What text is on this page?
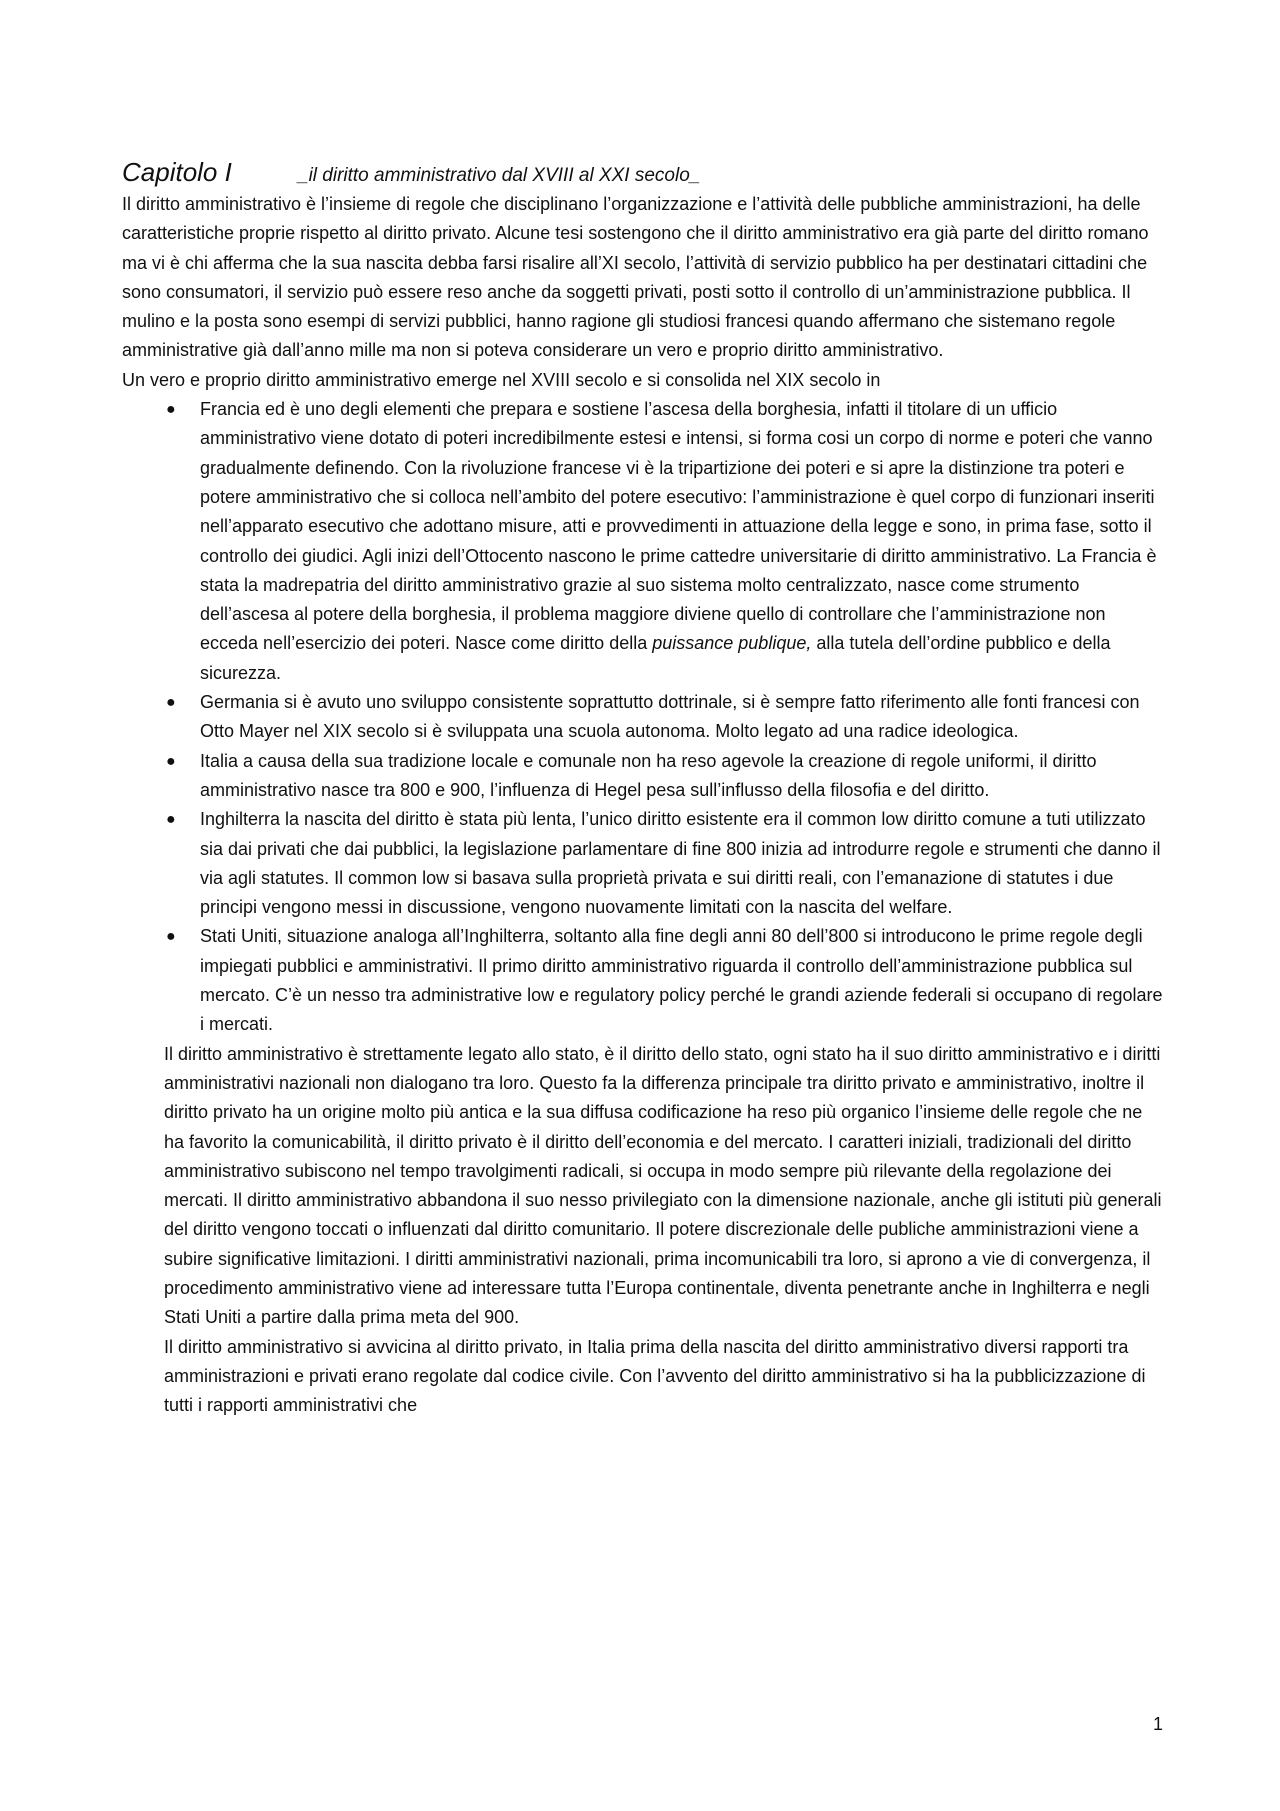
Capitolo I	_il diritto amministrativo dal XVIII al XXI secolo_

Il diritto amministrativo è l’insieme di regole che disciplinano l’organizzazione e l’attività delle pubbliche amministrazioni, ha delle caratteristiche proprie rispetto al diritto privato. Alcune tesi sostengono che il diritto amministrativo era già parte del diritto romano ma vi è chi afferma che la sua nascita debba farsi risalire all’XI secolo, l’attività di servizio pubblico ha per destinatari cittadini che sono consumatori, il servizio può essere reso anche da soggetti privati, posti sotto il controllo di un’amministrazione pubblica. Il mulino e la posta sono esempi di servizi pubblici, hanno ragione gli studiosi francesi quando affermano che sistemano regole amministrative già dall’anno mille ma non si poteva considerare un vero e proprio diritto amministrativo.

Un vero e proprio diritto amministrativo emerge nel XVIII secolo e si consolida nel XIX secolo in

● Francia ed è uno degli elementi che prepara e sostiene l’ascesa della borghesia, infatti il titolare di un ufficio amministrativo viene dotato di poteri incredibilmente estesi e intensi, si forma cosi un corpo di norme e poteri che vanno gradualmente definendo. Con la rivoluzione francese vi è la tripartizione dei poteri e si apre la distinzione tra poteri e potere amministrativo che si colloca nell’ambito del potere esecutivo: l’amministrazione è quel corpo di funzionari inseriti nell’apparato esecutivo che adottano misure, atti e provvedimenti in attuazione della legge e sono, in prima fase, sotto il controllo dei giudici. Agli inizi dell’Ottocento nascono le prime cattedre universitarie di diritto amministrativo. La Francia è stata la madrepatria del diritto amministrativo grazie al suo sistema molto centralizzato, nasce come strumento dell’ascesa al potere della borghesia, il problema maggiore diviene quello di controllare che l’amministrazione non ecceda nell’esercizio dei poteri. Nasce come diritto della puissance publique, alla tutela dell’ordine pubblico e della sicurezza.
● Germania si è avuto uno sviluppo consistente soprattutto dottrinale, si è sempre fatto riferimento alle fonti francesi con Otto Mayer nel XIX secolo si è sviluppata una scuola autonoma. Molto legato ad una radice ideologica.
● Italia a causa della sua tradizione locale e comunale non ha reso agevole la creazione di regole uniformi, il diritto amministrativo nasce tra 800 e 900, l’influenza di Hegel pesa sull’influsso della filosofia e del diritto.
● Inghilterra la nascita del diritto è stata più lenta, l’unico diritto esistente era il common low diritto comune a tuti utilizzato sia dai privati che dai pubblici, la legislazione parlamentare di fine 800 inizia ad introdurre regole e strumenti che danno il via agli statutes. Il common low si basava sulla proprietà privata e sui diritti reali, con l’emanazione di statutes i due principi vengono messi in discussione, vengono nuovamente limitati con la nascita del welfare.
● Stati Uniti, situazione analoga all’Inghilterra, soltanto alla fine degli anni 80 dell’800 si introducono le prime regole degli impiegati pubblici e amministrativi. Il primo diritto amministrativo riguarda il controllo dell’amministrazione pubblica sul mercato. C’è un nesso tra administrative low e regulatory policy perché le grandi aziende federali si occupano di regolare i mercati.

Il diritto amministrativo è strettamente legato allo stato, è il diritto dello stato, ogni stato ha il suo diritto amministrativo e i diritti amministrativi nazionali non dialogano tra loro. Questo fa la differenza principale tra diritto privato e amministrativo, inoltre il diritto privato ha un origine molto più antica e la sua diffusa codificazione ha reso più organico l’insieme delle regole che ne ha favorito la comunicabilità, il diritto privato è il diritto dell’economia e del mercato. I caratteri iniziali, tradizionali del diritto amministrativo subiscono nel tempo travolgimenti radicali, si occupa in modo sempre più rilevante della regolazione dei mercati. Il diritto amministrativo abbandona il suo nesso privilegiato con la dimensione nazionale, anche gli istituti più generali del diritto vengono toccati o influenzati dal diritto comunitario. Il potere discrezionale delle publiche amministrazioni viene a subire significative limitazioni. I diritti amministrativi nazionali, prima incomunicabili tra loro, si aprono a vie di convergenza, il procedimento amministrativo viene ad interessare tutta l’Europa continentale, diventa penetrante anche in Inghilterra e negli Stati Uniti a partire dalla prima meta del 900.

Il diritto amministrativo si avvicina al diritto privato, in Italia prima della nascita del diritto amministrativo diversi rapporti tra amministrazioni e privati erano regolate dal codice civile. Con l’avvento del diritto amministrativo si ha la pubblicizzazione di tutti i rapporti amministrativi che

1
